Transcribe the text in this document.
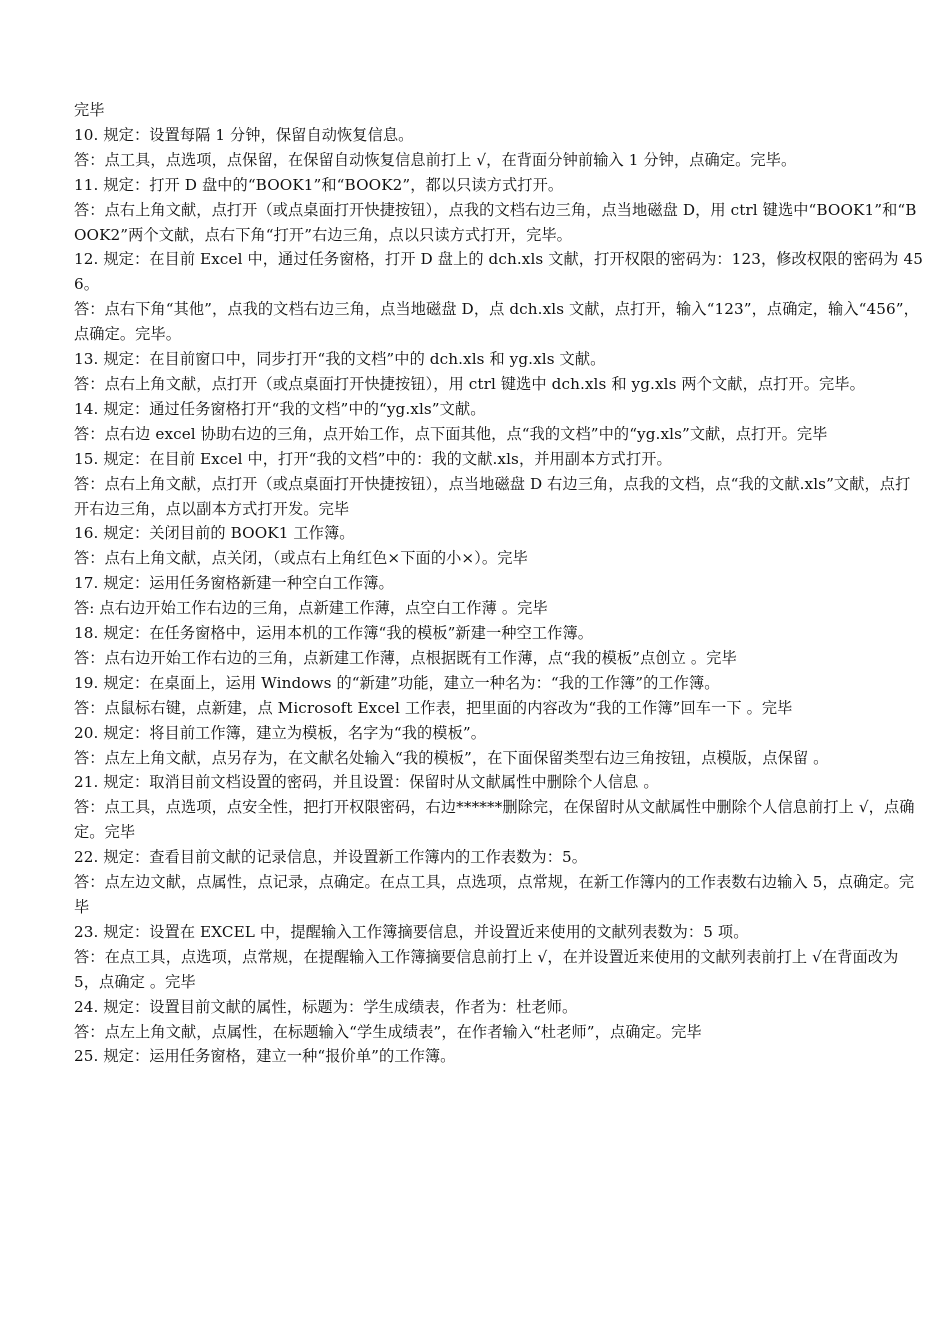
完毕

10. 规定：设置每隔 1 分钟，保留自动恢复信息。

答：点工具，点选项，点保留，在保留自动恢复信息前打上 √，在背面分钟前输入 1 分钟，点确定。完毕。

11. 规定：打开 D 盘中的“BOOK1”和“BOOK2”，都以只读方式打开。

答：点右上角文献，点打开（或点桌面打开快捷按钮），点我的文档右边三角，点当地磁盘 D，用 ctrl 键选中“BOOK1”和“BOOK2”两个文献，点右下角“打开”右边三角，点以只读方式打开，完毕。

12. 规定：在目前 Excel 中，通过任务窗格，打开 D 盘上的 dch.xls 文献，打开权限的密码为：123，修改权限的密码为 456。

答：点右下角“其他”，点我的文档右边三角，点当地磁盘 D，点 dch.xls 文献，点打开，输入“123”，点确定，输入“456”，点确定。完毕。

13. 规定：在目前窗口中，同步打开“我的文档”中的 dch.xls 和 yg.xls 文献。

答：点右上角文献，点打开（或点桌面打开快捷按钮），用 ctrl 键选中 dch.xls 和 yg.xls 两个文献，点打开。完毕。

14. 规定：通过任务窗格打开“我的文档”中的“yg.xls”文献。

答：点右边 excel 协助右边的三角，点开始工作，点下面其他，点“我的文档”中的“yg.xls”文献，点打开。完毕

15. 规定：在目前 Excel 中，打开“我的文档”中的：我的文献.xls，并用副本方式打开。

答：点右上角文献，点打开（或点桌面打开快捷按钮），点当地磁盘 D 右边三角，点我的文档，点“我的文献.xls”文献，点打开右边三角，点以副本方式打开发。完毕

16. 规定：关闭目前的 BOOK1 工作簿。

答：点右上角文献，点关闭，（或点右上角红色×下面的小×）。完毕

17. 规定：运用任务窗格新建一种空白工作簿。

答: 点右边开始工作右边的三角，点新建工作薄，点空白工作薄 。完毕

18. 规定：在任务窗格中，运用本机的工作簿“我的模板”新建一种空工作簿。

答：点右边开始工作右边的三角，点新建工作薄，点根据既有工作薄，点“我的模板”点创立 。完毕

19. 规定：在桌面上，运用 Windows 的“新建”功能，建立一种名为：“我的工作簿”的工作簿。

答：点鼠标右键，点新建，点 Microsoft Excel 工作表，把里面的内容改为“我的工作簿”回车一下 。完毕

20. 规定：将目前工作簿，建立为模板，名字为“我的模板”。

答：点左上角文献，点另存为，在文献名处输入“我的模板”，在下面保留类型右边三角按钮，点模版，点保留 。

21. 规定：取消目前文档设置的密码，并且设置：保留时从文献属性中删除个人信息 。

答：点工具，点选项，点安全性，把打开权限密码，右边******删除完，在保留时从文献属性中删除个人信息前打上 √，点确定。完毕

22. 规定：查看目前文献的记录信息，并设置新工作簿内的工作表数为：5。

答：点左边文献，点属性，点记录，点确定。在点工具，点选项，点常规，在新工作簿内的工作表数右边输入 5，点确定。完毕

23. 规定：设置在 EXCEL 中，提醒输入工作簿摘要信息，并设置近来使用的文献列表数为：5 项。

答：在点工具，点选项，点常规，在提醒输入工作簿摘要信息前打上 √，在并设置近来使用的文献列表前打上 √在背面改为 5，点确定 。完毕

24. 规定：设置目前文献的属性，标题为：学生成绩表，作者为：杜老师。

答：点左上角文献，点属性，在标题输入“学生成绩表”，在作者输入“杜老师”，点确定。完毕

25. 规定：运用任务窗格，建立一种“报价单”的工作簿。
